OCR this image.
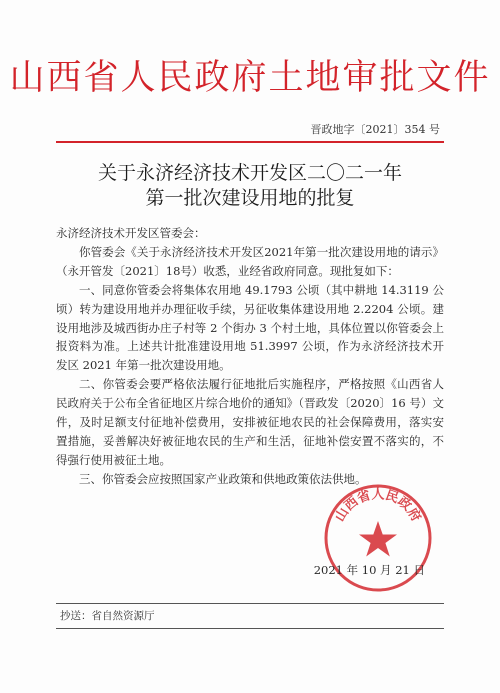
山西省人民政府土地审批文件
晋政地字〔2021〕354 号
关于永济经济技术开发区二〇二一年
第一批次建设用地的批复

永济经济技术开发区管委会：

你管委会《关于永济经济技术开发区2021年第一批次建设用地的请示》（永开管发〔2021〕18号）收悉，业经省政府同意。现批复如下：

一、同意你管委会将集体农用地 49.1793 公顷（其中耕地 14.3119 公顷）转为建设用地并办理征收手续，另征收集体建设用地 2.2204 公顷。建设用地涉及城西街办庄子村等 2 个街办 3 个村土地，具体位置以你管委会上报资料为准。上述共计批准建设用地 51.3997 公顷，作为永济经济技术开发区 2021 年第一批次建设用地。

二、你管委会要严格依法履行征地批后实施程序，严格按照《山西省人民政府关于公布全省征地区片综合地价的通知》（晋政发〔2020〕16 号）文件，及时足额支付征地补偿费用，安排被征地农民的社会保障费用，落实安置措施，妥善解决好被征地农民的生产和生活，征地补偿安置不落实的，不得强行使用被征土地。

三、你管委会应按照国家产业政策和供地政策依法供地。

山西省人民政府
2021 年 10 月 21 日
抄送：省自然资源厅
